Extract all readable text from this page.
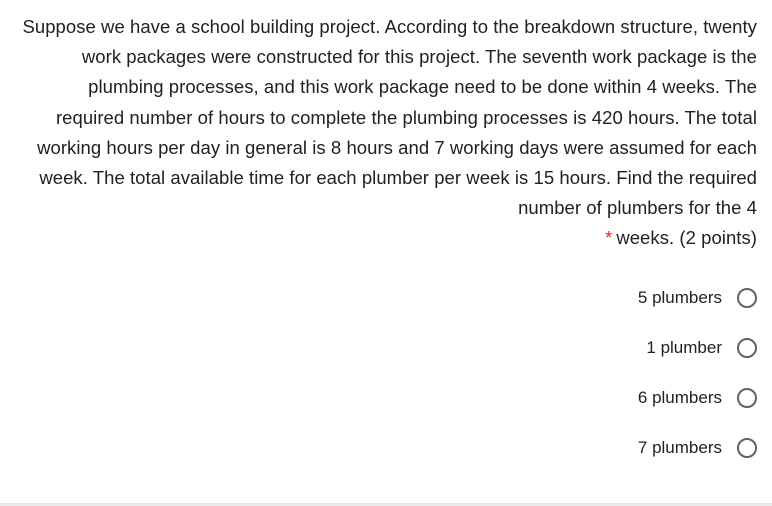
Suppose we have a school building project. According to the breakdown structure, twenty work packages were constructed for this project. The seventh work package is the plumbing processes, and this work package need to be done within 4 weeks. The required number of hours to complete the plumbing processes is 420 hours. The total working hours per day in general is 8 hours and 7 working days were assumed for each week. The total available time for each plumber per week is 15 hours. Find the required number of plumbers for the 4
* weeks. (2 points)
5 plumbers
1 plumber
6 plumbers
7 plumbers
